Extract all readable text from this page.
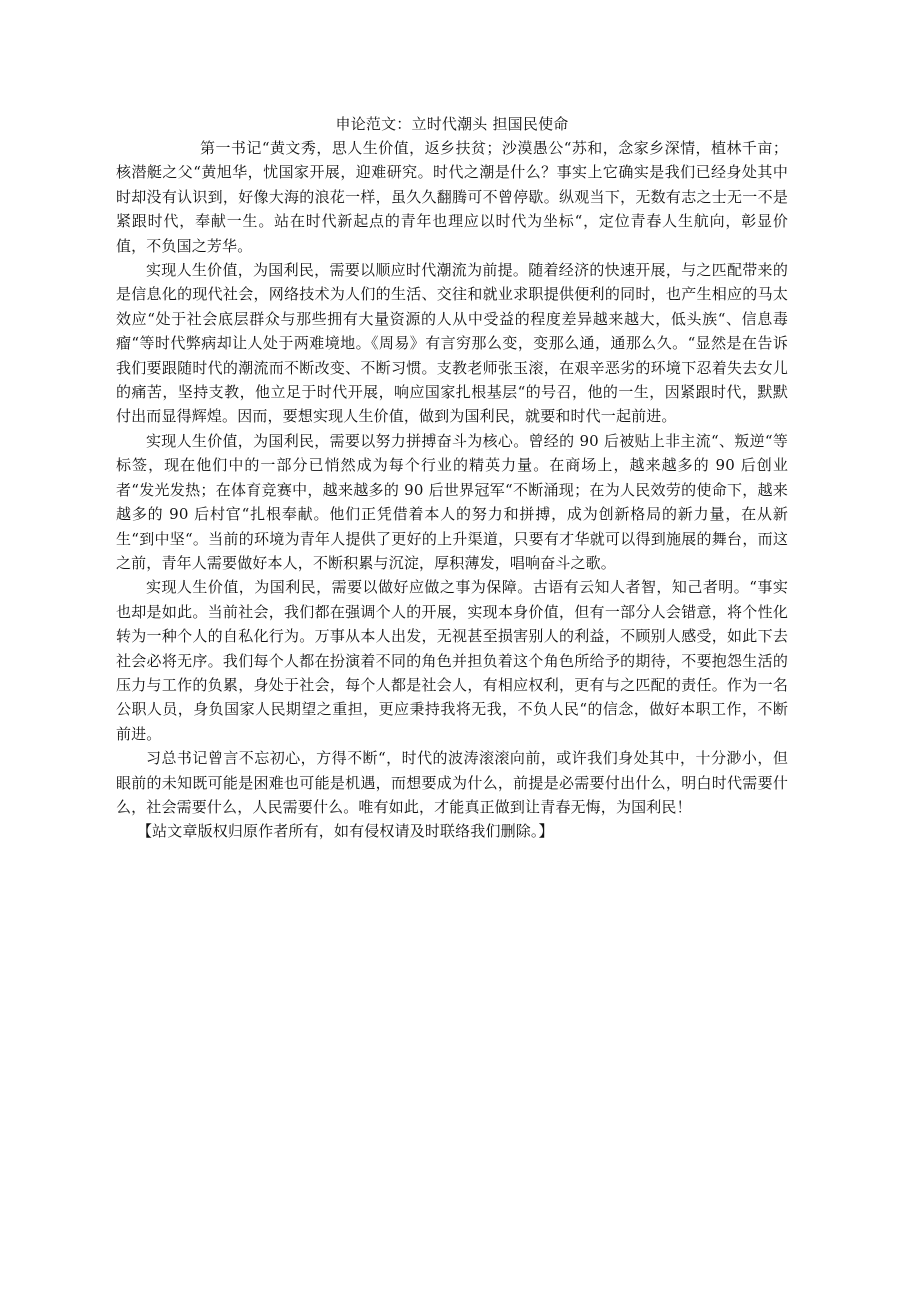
申论范文：立时代潮头 担国民使命

第一书记“黄文秀，思人生价值，返乡扶贫；沙漠愚公“苏和，念家乡深情，植林千亩；核潜艇之父“黄旭华，忧国家开展，迎难研究。时代之潮是什么？事实上它确实是我们已经身处其中时却没有认识到，好像大海的浪花一样，虽久久翻腾可不曾停歇。纵观当下，无数有志之士无一不是紧跟时代，奉献一生。站在时代新起点的青年也理应以时代为坐标“，定位青春人生航向，彰显价值，不负国之芳华。

实现人生价值，为国利民，需要以顺应时代潮流为前提。随着经济的快速开展，与之匹配带来的是信息化的现代社会，网络技术为人们的生活、交往和就业求职提供便利的同时，也产生相应的马太效应“处于社会底层群众与那些拥有大量资源的人从中受益的程度差异越来越大，低头族“、信息毒瘤“等时代弊病却让人处于两难境地。《周易》有言穷那么变，变那么通，通那么久。“显然是在告诉我们要跟随时代的潮流而不断改变、不断习惯。支教老师张玉滚，在艰辛恶劣的环境下忍着失去女儿的痛苦，坚持支教，他立足于时代开展，响应国家扎根基层“的号召，他的一生，因紧跟时代，默默付出而显得辉煌。因而，要想实现人生价值，做到为国利民，就要和时代一起前进。

实现人生价值，为国利民，需要以努力拼搏奋斗为核心。曾经的 90 后被贴上非主流“、叛逆“等标签，现在他们中的一部分已悄然成为每个行业的精英力量。在商场上，越来越多的 90 后创业者“发光发热；在体育竞赛中，越来越多的 90 后世界冠军“不断涌现；在为人民效劳的使命下，越来越多的 90 后村官“扎根奉献。他们正凭借着本人的努力和拼搏，成为创新格局的新力量，在从新生“到中坚“。当前的环境为青年人提供了更好的上升渠道，只要有才华就可以得到施展的舞台，而这之前，青年人需要做好本人，不断积累与沉淀，厚积薄发，唱响奋斗之歌。

实现人生价值，为国利民，需要以做好应做之事为保障。古语有云知人者智，知己者明。“事实也却是如此。当前社会，我们都在强调个人的开展，实现本身价值，但有一部分人会错意，将个性化转为一种个人的自私化行为。万事从本人出发，无视甚至损害别人的利益，不顾别人感受，如此下去社会必将无序。我们每个人都在扮演着不同的角色并担负着这个角色所给予的期待，不要抱怨生活的压力与工作的负累，身处于社会，每个人都是社会人，有相应权利，更有与之匹配的责任。作为一名公职人员，身负国家人民期望之重担，更应秉持我将无我，不负人民“的信念，做好本职工作，不断前进。

习总书记曾言不忘初心，方得不断“，时代的波涛滚滚向前，或许我们身处其中，十分渺小，但眼前的未知既可能是困难也可能是机遇，而想要成为什么，前提是必需要付出什么，明白时代需要什么，社会需要什么，人民需要什么。唯有如此，才能真正做到让青春无悔，为国利民！

【站文章版权归原作者所有，如有侵权请及时联络我们删除。】
